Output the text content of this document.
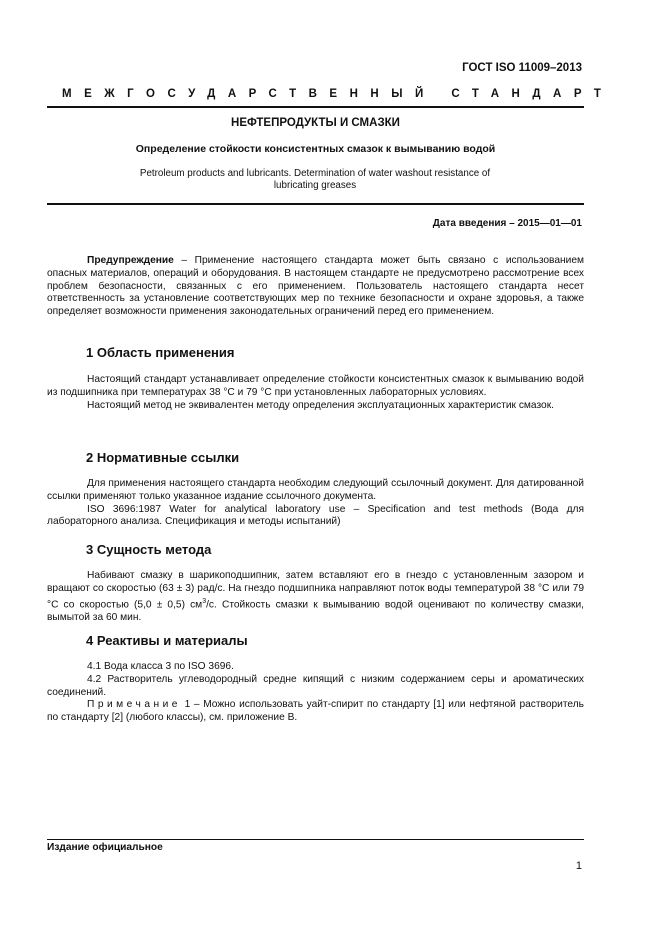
ГОСТ ISO 11009–2013
МЕЖГОСУДАРСТВЕННЫЙ СТАНДАРТ
НЕФТЕПРОДУКТЫ И СМАЗКИ
Определение стойкости консистентных смазок к вымыванию водой
Petroleum products and lubricants. Determination of water washout resistance of lubricating greases
Дата введения – 2015—01—01

Предупреждение – Применение настоящего стандарта может быть связано с использованием опасных материалов, операций и оборудования. В настоящем стандарте не предусмотрено рассмотрение всех проблем безопасности, связанных с его применением. Пользователь настоящего стандарта несет ответственность за установление соответствующих мер по технике безопасности и охране здоровья, а также определяет возможности применения законодательных ограничений перед его применением.

1 Область применения

Настоящий стандарт устанавливает определение стойкости консистентных смазок к вымыванию водой из подшипника при температурах 38 °С и 79 °С при установленных лабораторных условиях.

Настоящий метод не эквивалентен методу определения эксплуатационных характеристик смазок.

2 Нормативные ссылки

Для применения настоящего стандарта необходим следующий ссылочный документ. Для датированной ссылки применяют только указанное издание ссылочного документа.

ISO 3696:1987 Water for analytical laboratory use – Specification and test methods (Вода для лабораторного анализа. Спецификация и методы испытаний)

3 Сущность метода

Набивают смазку в шарикоподшипник, затем вставляют его в гнездо с установленным зазором и вращают со скоростью (63 ± 3) рад/с. На гнездо подшипника направляют поток воды температурой 38 °С или 79 °С со скоростью (5,0 ± 0,5) $см^3/с$. Стойкость смазки к вымыванию водой оценивают по количеству смазки, вымытой за 60 мин.

4 Реактивы и материалы

4.1 Вода класса 3 по ISO 3696.

4.2 Растворитель углеводородный средне кипящий с низким содержанием серы и ароматических соединений.

Примечание 1 – Можно использовать уайт-спирит по стандарту [1] или нефтяной растворитель по стандарту [2] (любого классы), см. приложение В.

Издание официальное
1
